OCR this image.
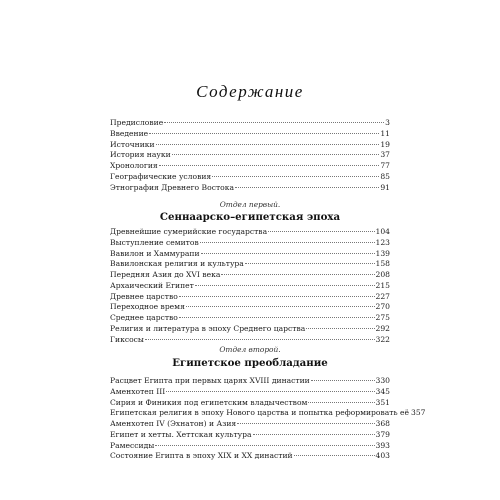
Содержание
Предисловие	3
Введение	11
Источники	19
История науки	37
Хронология	77
Географические условия	85
Этнография Древнего Востока	91
Отдел первый.
Сеннаарско–египетская эпоха
Древнейшие сумерийские государства	104
Выступление семитов	123
Вавилон и Хаммурапи	139
Вавилонская религия и культура	158
Передняя Азия до XVI века	208
Архаический Египет	215
Древнее царство	227
Переходное время	270
Среднее царство	275
Религия и литература в эпоху Среднего царства	292
Гиксосы	322
Отдел второй.
Египетское преобладание
Расцвет Египта при первых царях XVIII династии	330
Аменхотеп III	345
Сирия и Финикия под египетским владычеством	351
Египетская религия в эпоху Нового царства и попытка реформировать её 357
Аменхотеп IV (Эхнатон) и Азия	368
Египет и хетты. Хеттская культура	379
Рамессиды	393
Состояние Египта в эпоху XIX и XX династий	403
